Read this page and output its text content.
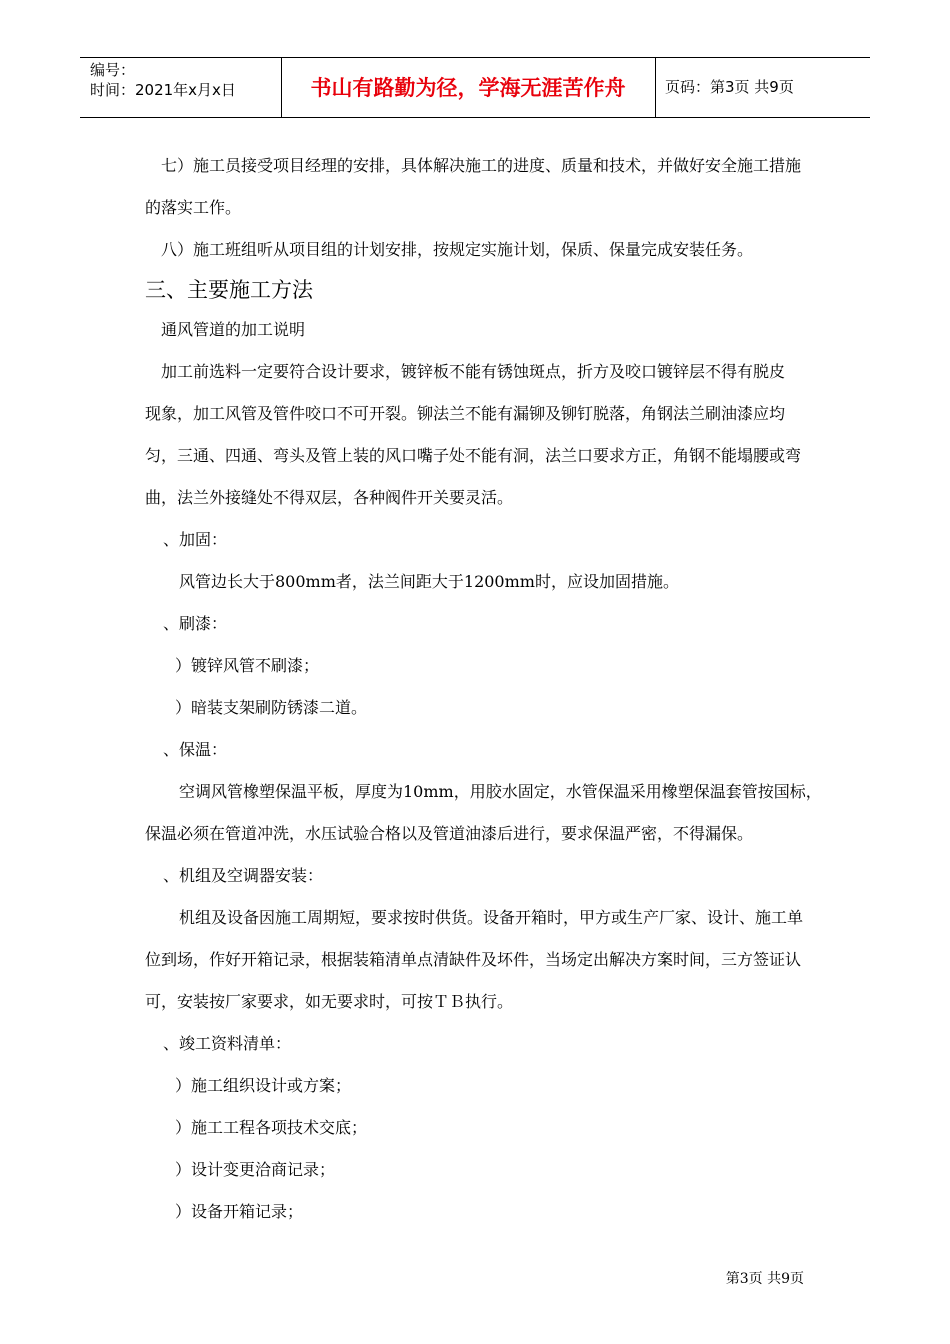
编号：
时间：2021年x月x日	书山有路勤为径，学海无涯苦作舟	页码：第3页 共9页

七）施工员接受项目经理的安排，具体解决施工的进度、质量和技术，并做好安全施工措施

的落实工作。

八）施工班组听从项目组的计划安排，按规定实施计划，保质、保量完成安装任务。

三、主要施工方法

通风管道的加工说明

加工前选料一定要符合设计要求，镀锌板不能有锈蚀斑点，折方及咬口镀锌层不得有脱皮

现象，加工风管及管件咬口不可开裂。铆法兰不能有漏铆及铆钉脱落，角钢法兰刷油漆应均

匀，三通、四通、弯头及管上装的风口嘴子处不能有洞，法兰口要求方正，角钢不能塌腰或弯

曲，法兰外接缝处不得双层，各种阀件开关要灵活。

、加固：

风管边长大于800mm者，法兰间距大于1200mm时，应设加固措施。

、刷漆：

）镀锌风管不刷漆；

）暗装支架刷防锈漆二道。

、保温：

空调风管橡塑保温平板，厚度为10mm，用胶水固定，水管保温采用橡塑保温套管按国标，

保温必须在管道冲洗，水压试验合格以及管道油漆后进行，要求保温严密，不得漏保。

、机组及空调器安装：

机组及设备因施工周期短，要求按时供货。设备开箱时，甲方或生产厂家、设计、施工单

位到场，作好开箱记录，根据装箱清单点清缺件及坏件，当场定出解决方案时间，三方签证认

可，安装按厂家要求，如无要求时，可按ＴＢ执行。

、竣工资料清单：

）施工组织设计或方案；

）施工工程各项技术交底；

）设计变更洽商记录；

）设备开箱记录；

第3页 共9页
